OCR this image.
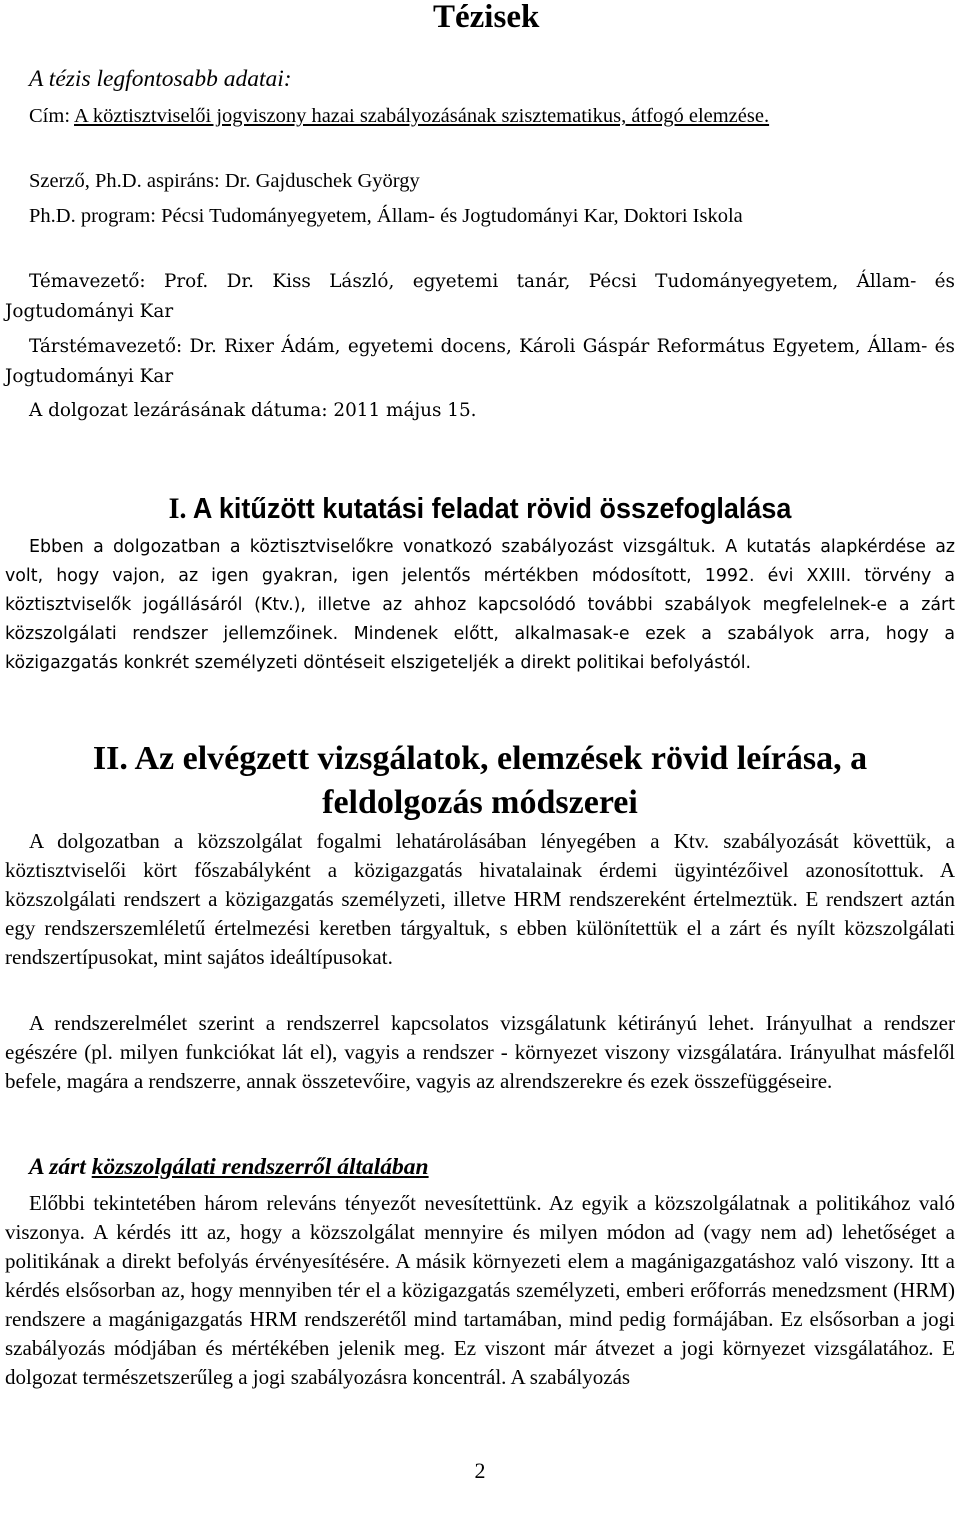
Tézisek

A tézis legfontosabb adatai:

Cím: A köztisztviselői jogviszony hazai szabályozásának szisztematikus, átfogó elemzése.

Szerző, Ph.D. aspiráns: Dr. Gajduschek György

Ph.D. program: Pécsi Tudományegyetem, Állam- és Jogtudományi Kar, Doktori Iskola

Témavezető: Prof. Dr. Kiss László, egyetemi tanár, Pécsi Tudományegyetem, Állam- és Jogtudományi Kar

Társtémavezető: Dr. Rixer Ádám, egyetemi docens, Károli Gáspár Református Egyetem, Állam- és Jogtudományi Kar

A dolgozat lezárásának dátuma: 2011 május 15.

I. A kitűzött kutatási feladat rövid összefoglalása

Ebben a dolgozatban a köztisztviselőkre vonatkozó szabályozást vizsgáltuk. A kutatás alapkérdése az volt, hogy vajon, az igen gyakran, igen jelentős mértékben módosított, 1992. évi XXIII. törvény a köztisztviselők jogállásáról (Ktv.), illetve az ahhoz kapcsolódó további szabályok megfelelnek-e a zárt közszolgálati rendszer jellemzőinek. Mindenek előtt, alkalmasak-e ezek a szabályok arra, hogy a közigazgatás konkrét személyzeti döntéseit elszigeteljék a direkt politikai befolyástól.

II. Az elvégzett vizsgálatok, elemzések rövid leírása, a
feldolgozás módszerei

A dolgozatban a közszolgálat fogalmi lehatárolásában lényegében a Ktv. szabályozását követtük, a köztisztviselői kört főszabályként a közigazgatás hivatalainak érdemi ügyintézőivel azonosítottuk. A közszolgálati rendszert a közigazgatás személyzeti, illetve HRM rendszereként értelmeztük. E rendszert aztán egy rendszerszemléletű értelmezési keretben tárgyaltuk, s ebben különítettük el a zárt és nyílt közszolgálati rendszertípusokat, mint sajátos ideáltípusokat.

A rendszerelmélet szerint a rendszerrel kapcsolatos vizsgálatunk kétirányú lehet. Irányulhat a rendszer egészére (pl. milyen funkciókat lát el), vagyis a rendszer - környezet viszony vizsgálatára. Irányulhat másfelől befele, magára a rendszerre, annak összetevőire, vagyis az alrendszerekre és ezek összefüggéseire.

A zárt közszolgálati rendszerről általában

Előbbi tekintetében három releváns tényezőt nevesítettünk. Az egyik a közszolgálatnak a politikához való viszonya. A kérdés itt az, hogy a közszolgálat mennyire és milyen módon ad (vagy nem ad) lehetőséget a politikának a direkt befolyás érvényesítésére. A másik környezeti elem a magánigazgatáshoz való viszony. Itt a kérdés elsősorban az, hogy mennyiben tér el a közigazgatás személyzeti, emberi erőforrás menedzsment (HRM) rendszere a magánigazgatás HRM rendszerétől mind tartamában, mind pedig formájában. Ez elsősorban a jogi szabályozás módjában és mértékében jelenik meg. Ez viszont már átvezet a jogi környezet vizsgálatához. E dolgozat természetszerűleg a jogi szabályozásra koncentrál. A szabályozás

2
